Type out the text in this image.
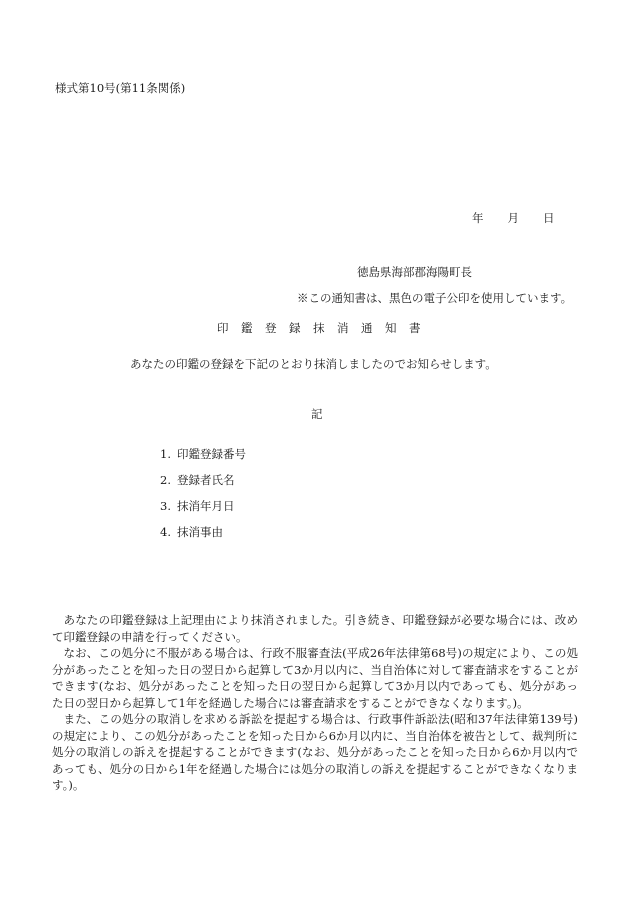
様式第10号(第11条関係)
年 月 日
徳島県海部郡海陽町長
※この通知書は、黒色の電子公印を使用しています。
印鑑登録抹消通知書
あなたの印鑑の登録を下記のとおり抹消しましたのでお知らせします。
記
1. 印鑑登録番号
2. 登録者氏名
3. 抹消年月日
4. 抹消事由

あなたの印鑑登録は上記理由により抹消されました。引き続き、印鑑登録が必要な場合には、改めて印鑑登録の申請を行ってください。

なお、この処分に不服がある場合は、行政不服審査法(平成26年法律第68号)の規定により、この処分があったことを知った日の翌日から起算して3か月以内に、当自治体に対して審査請求をすることができます(なお、処分があったことを知った日の翌日から起算して3か月以内であっても、処分があった日の翌日から起算して1年を経過した場合には審査請求をすることができなくなります。)。

また、この処分の取消しを求める訴訟を提起する場合は、行政事件訴訟法(昭和37年法律第139号)の規定により、この処分があったことを知った日から6か月以内に、当自治体を被告として、裁判所に処分の取消しの訴えを提起することができます(なお、処分があったことを知った日から6か月以内であっても、処分の日から1年を経過した場合には処分の取消しの訴えを提起することができなくなります。)。
